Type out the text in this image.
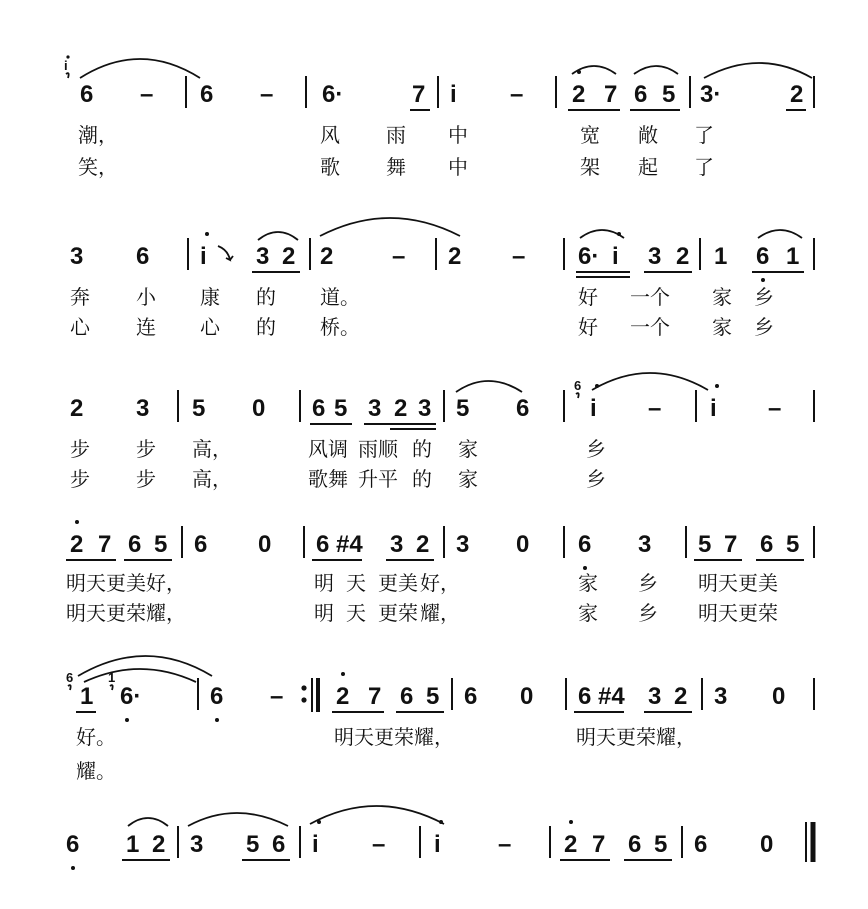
i
6 – 6 – 6·	7 i – 2 7 6 5 3·	2
潮，	风 雨 中	宽 敞 了
笑，	歌 舞 中	架 起 了
3 6 i 3 2 2 – 2 – 6· i 3 2 1 6 1
奔 小 康 的 道。	好 一个 家 乡
心 连 心 的 桥。	好 一个 家 乡
2 3 5 0 6 5 3 2 3 5 6
6
i – i –
步 步 高，	风调 雨顺 的 家	乡
步 步 高，	歌舞 升平 的 家	乡
2 7 6 5 6 0 6 #4 3 2 3 0 6 3 5 7 6 5
明天更美好，	明 天 更美 好，	家 乡 明天更美
明天更荣耀，	明 天 更荣 耀，	家 乡 明天更荣
6
1
1
6·	6 – 2 7 6 5 6 0 6 #4 3 2 3 0
好。	明天更荣耀，	明天更荣耀，
耀。
6 1 2 3 5 6 i – i – 2 7 6 5 6 0
